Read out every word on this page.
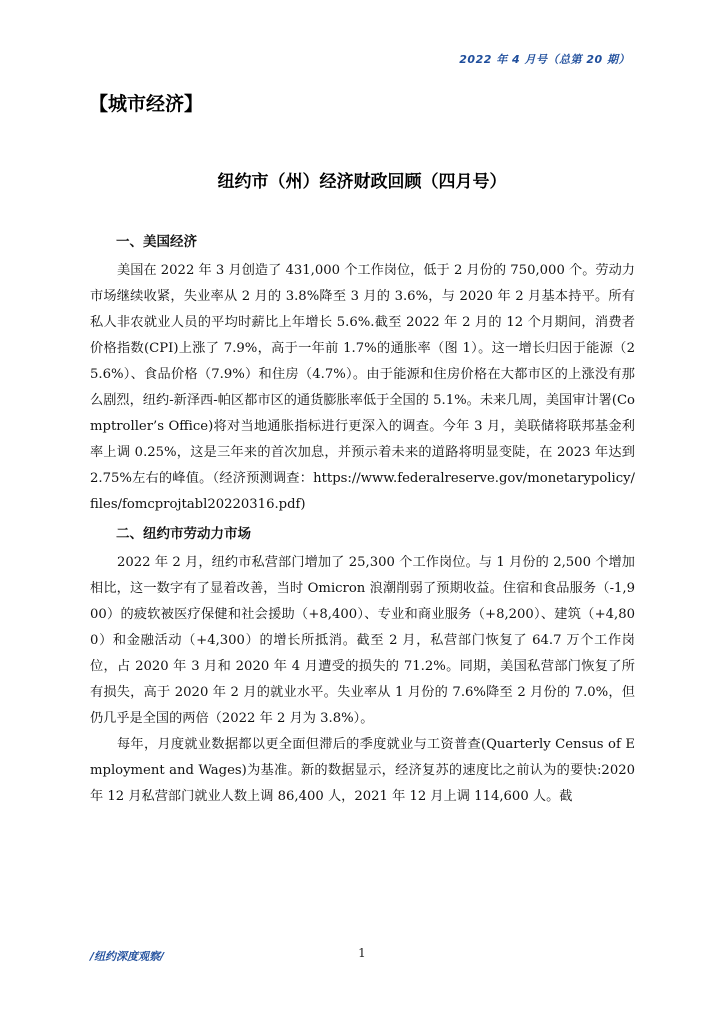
2022 年 4 月号（总第 20 期）
【城市经济】
纽约市（州）经济财政回顾（四月号）
一、美国经济

美国在 2022 年 3 月创造了 431,000 个工作岗位，低于 2 月份的 750,000 个。劳动力市场继续收紧，失业率从 2 月的 3.8%降至 3 月的 3.6%，与 2020 年 2 月基本持平。所有私人非农就业人员的平均时薪比上年增长 5.6%.截至 2022 年 2 月的 12 个月期间，消费者价格指数(CPI)上涨了 7.9%，高于一年前 1.7%的通胀率（图 1）。这一增长归因于能源（25.6%）、食品价格（7.9%）和住房（4.7%）。由于能源和住房价格在大都市区的上涨没有那么剧烈，纽约-新泽西-帕区都市区的通货膨胀率低于全国的 5.1%。未来几周，美国审计署(Comptroller’s Office)将对当地通胀指标进行更深入的调查。今年 3 月，美联储将联邦基金利率上调 0.25%，这是三年来的首次加息，并预示着未来的道路将明显变陡，在 2023 年达到 2.75%左右的峰值。（经济预测调查：https://www.federalreserve.gov/monetarypolicy/files/fomcprojtabl20220316.pdf)

二、纽约市劳动力市场

2022 年 2 月，纽约市私营部门增加了 25,300 个工作岗位。与 1 月份的 2,500 个增加相比，这一数字有了显着改善，当时 Omicron 浪潮削弱了预期收益。住宿和食品服务（-1,900）的疲软被医疗保健和社会援助（+8,400）、专业和商业服务（+8,200）、建筑（+4,800）和金融活动（+4,300）的增长所抵消。截至 2 月，私营部门恢复了 64.7 万个工作岗位，占 2020 年 3 月和 2020 年 4 月遭受的损失的 71.2%。同期，美国私营部门恢复了所有损失，高于 2020 年 2 月的就业水平。失业率从 1 月份的 7.6%降至 2 月份的 7.0%，但仍几乎是全国的两倍（2022 年 2 月为 3.8%）。

每年，月度就业数据都以更全面但滞后的季度就业与工资普查(Quarterly Census of Employment and Wages)为基准。新的数据显示，经济复苏的速度比之前认为的要快:2020 年 12 月私营部门就业人数上调 86,400 人，2021 年 12 月上调 114,600 人。截

/纽约深度观察/	1
